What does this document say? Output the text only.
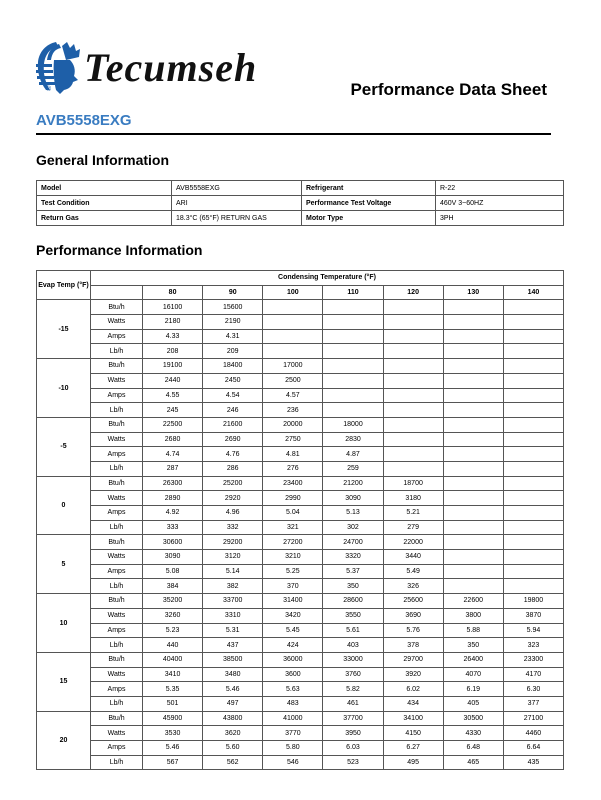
® Tecumseh	Performance Data Sheet
AVB5558EXG
General Information
Model	AVB5558EXG	Refrigerant	R-22
Test Condition	ARI	Performance Test Voltage	460V 3~60HZ
Return Gas	18.3°C (65°F) RETURN GAS	Motor Type	3PH
Performance Information
Evap Temp (°F)	Condensing Temperature (°F)							
		80	90	100	110	120	130	140
-15	Btu/h	16100	15600					
	Watts	2180	2190					
	Amps	4.33	4.31					
	Lb/h	208	209					
-10	Btu/h	19100	18400	17000				
	Watts	2440	2450	2500				
	Amps	4.55	4.54	4.57				
	Lb/h	245	246	236				
-5	Btu/h	22500	21600	20000	18000			
	Watts	2680	2690	2750	2830			
	Amps	4.74	4.76	4.81	4.87			
	Lb/h	287	286	276	259			
0	Btu/h	26300	25200	23400	21200	18700		
	Watts	2890	2920	2990	3090	3180		
	Amps	4.92	4.96	5.04	5.13	5.21		
	Lb/h	333	332	321	302	279		
5	Btu/h	30600	29200	27200	24700	22000		
	Watts	3090	3120	3210	3320	3440		
	Amps	5.08	5.14	5.25	5.37	5.49		
	Lb/h	384	382	370	350	326		
10	Btu/h	35200	33700	31400	28600	25600	22600	19800
	Watts	3260	3310	3420	3550	3690	3800	3870
	Amps	5.23	5.31	5.45	5.61	5.76	5.88	5.94
	Lb/h	440	437	424	403	378	350	323
15	Btu/h	40400	38500	36000	33000	29700	26400	23300
	Watts	3410	3480	3600	3760	3920	4070	4170
	Amps	5.35	5.46	5.63	5.82	6.02	6.19	6.30
	Lb/h	501	497	483	461	434	405	377
20	Btu/h	45900	43800	41000	37700	34100	30500	27100
	Watts	3530	3620	3770	3950	4150	4330	4460
	Amps	5.46	5.60	5.80	6.03	6.27	6.48	6.64
	Lb/h	567	562	546	523	495	465	435
